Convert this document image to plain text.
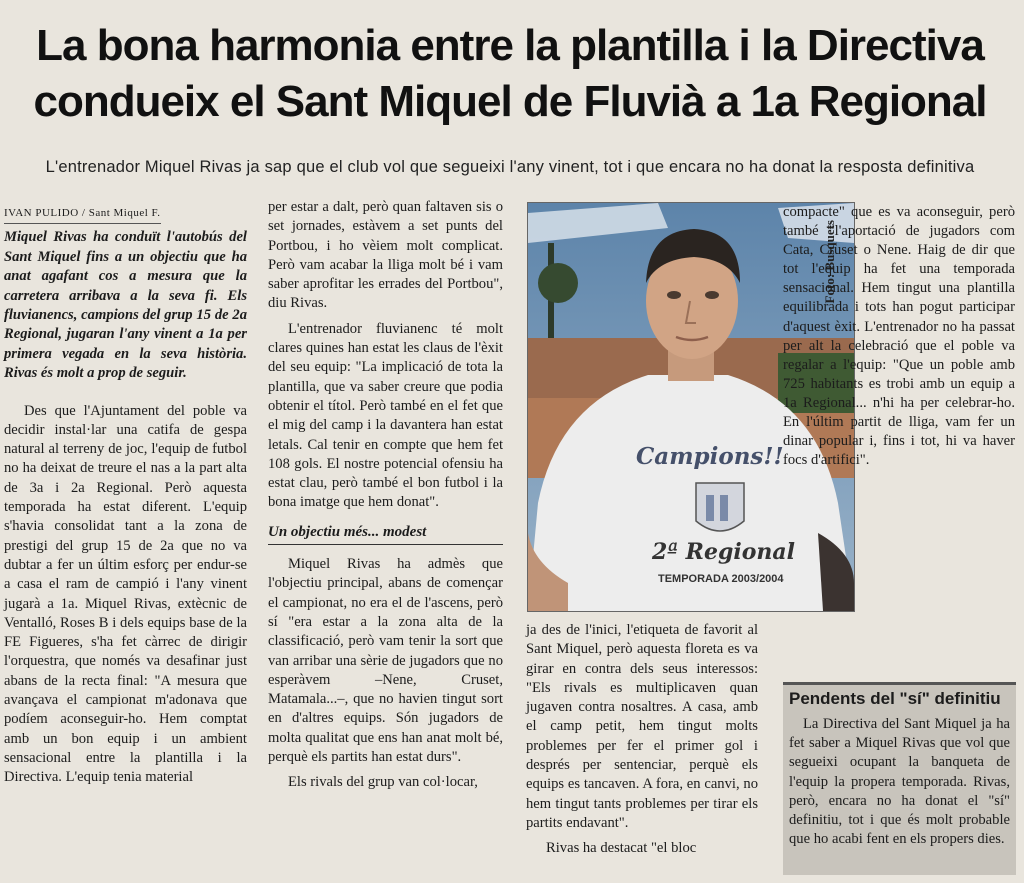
La bona harmonia entre la plantilla i la Directiva
condueix el Sant Miquel de Fluvià a 1a Regional
L'entrenador Miquel Rivas ja sap que el club vol que segueixi l'any vinent, tot i que encara no ha donat la resposta definitiva
IVAN PULIDO / Sant Miquel F.
Miquel Rivas ha conduït l'autobús del Sant Miquel fins a un objectiu que ha anat agafant cos a mesura que la carretera arribava a la seva fi. Els fluvianencs, campions del grup 15 de 2a Regional, jugaran l'any vinent a 1a per primera vegada en la seva història. Rivas és molt a prop de seguir.

Des que l'Ajuntament del poble va decidir instal·lar una catifa de gespa natural al terreny de joc, l'equip de futbol no ha deixat de treure el nas a la part alta de 3a i 2a Regional. Però aquesta temporada ha estat diferent. L'equip s'havia consolidat tant a la zona de prestigi del grup 15 de 2a que no va dubtar a fer un últim esforç per endur-se a casa el ram de campió i l'any vinent jugarà a 1a. Miquel Rivas, extècnic de Ventalló, Roses B i dels equips base de la FE Figueres, s'ha fet càrrec de dirigir l'orquestra, que només va desafinar just abans de la recta final: "A mesura que avançava el campionat m'adonava que podíem aconseguir-ho. Hem comptat amb un bon equip i un ambient sensacional entre la plantilla i la Directiva. L'equip tenia material

per estar a dalt, però quan faltaven sis o set jornades, estàvem a set punts del Portbou, i ho vèiem molt complicat. Però vam acabar la lliga molt bé i vam saber aprofitar les errades del Portbou", diu Rivas.

L'entrenador fluvianenc té molt clares quines han estat les claus de l'èxit del seu equip: "La implicació de tota la plantilla, que va saber creure que podia obtenir el títol. Però també en el fet que el mig del camp i la davantera han estat letals. Cal tenir en compte que hem fet 108 gols. El nostre potencial ofensiu ha estat clau, però també el bon futbol i la bona imatge que hem donat".

Un objectiu més... modest

Miquel Rivas ha admès que l'objectiu principal, abans de començar el campionat, no era el de l'ascens, però sí "era estar a la zona alta de la classificació, però vam tenir la sort que van arribar una sèrie de jugadors que no esperàvem –Nene, Cruset, Matamala...–, que no havien tingut sort en d'altres equips. Són jugadors de molta qualitat que ens han anat molt bé, perquè els partits han estat durs".

Els rivals del grup van col·locar,

Campions!!
2ª Regional
TEMPORADA 2003/2004
Foto: Busquets

ja des de l'inici, l'etiqueta de favorit al Sant Miquel, però aquesta floreta es va girar en contra dels seus interessos: "Els rivals es multiplicaven quan jugaven contra nosaltres. A casa, amb el camp petit, hem tingut molts problemes per fer el primer gol i després per sentenciar, perquè els equips es tancaven. A fora, en canvi, no hem tingut tants problemes per tirar els partits endavant".

Rivas ha destacat "el bloc

compacte" que es va aconseguir, però també "l'aportació de jugadors com Cata, Cruset o Nene. Haig de dir que tot l'equip ha fet una temporada sensacional. Hem tingut una plantilla equilibrada i tots han pogut participar d'aquest èxit. L'entrenador no ha passat per alt la celebració que el poble va regalar a l'equip: "Que un poble amb 725 habitants es trobi amb un equip a 1a Regional... n'hi ha per celebrar-ho. En l'últim partit de lliga, vam fer un dinar popular i, fins i tot, hi va haver focs d'artifici".

Pendents del "sí" definitiu
La Directiva del Sant Miquel ja ha fet saber a Miquel Rivas que vol que segueixi ocupant la banqueta de l'equip la propera temporada. Rivas, però, encara no ha donat el "sí" definitiu, tot i que és molt probable que ho acabi fent en els propers dies.
